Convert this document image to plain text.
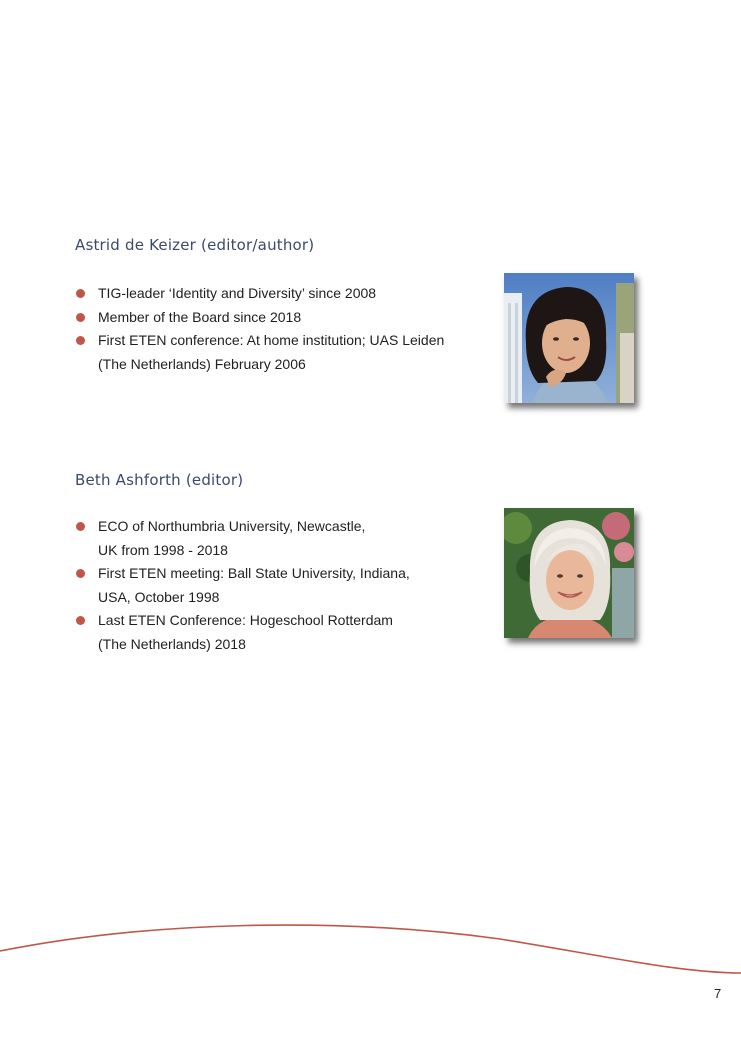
Astrid de Keizer (editor/author)
TIG-leader ‘Identity and Diversity’ since 2008
Member of the Board since 2018
First ETEN conference: At home institution; UAS Leiden
(The Netherlands) February 2006
Beth Ashforth (editor)
ECO of Northumbria University, Newcastle,
UK from 1998 - 2018
First ETEN meeting: Ball State University, Indiana,
USA, October 1998
Last ETEN Conference: Hogeschool Rotterdam
(The Netherlands) 2018
7
